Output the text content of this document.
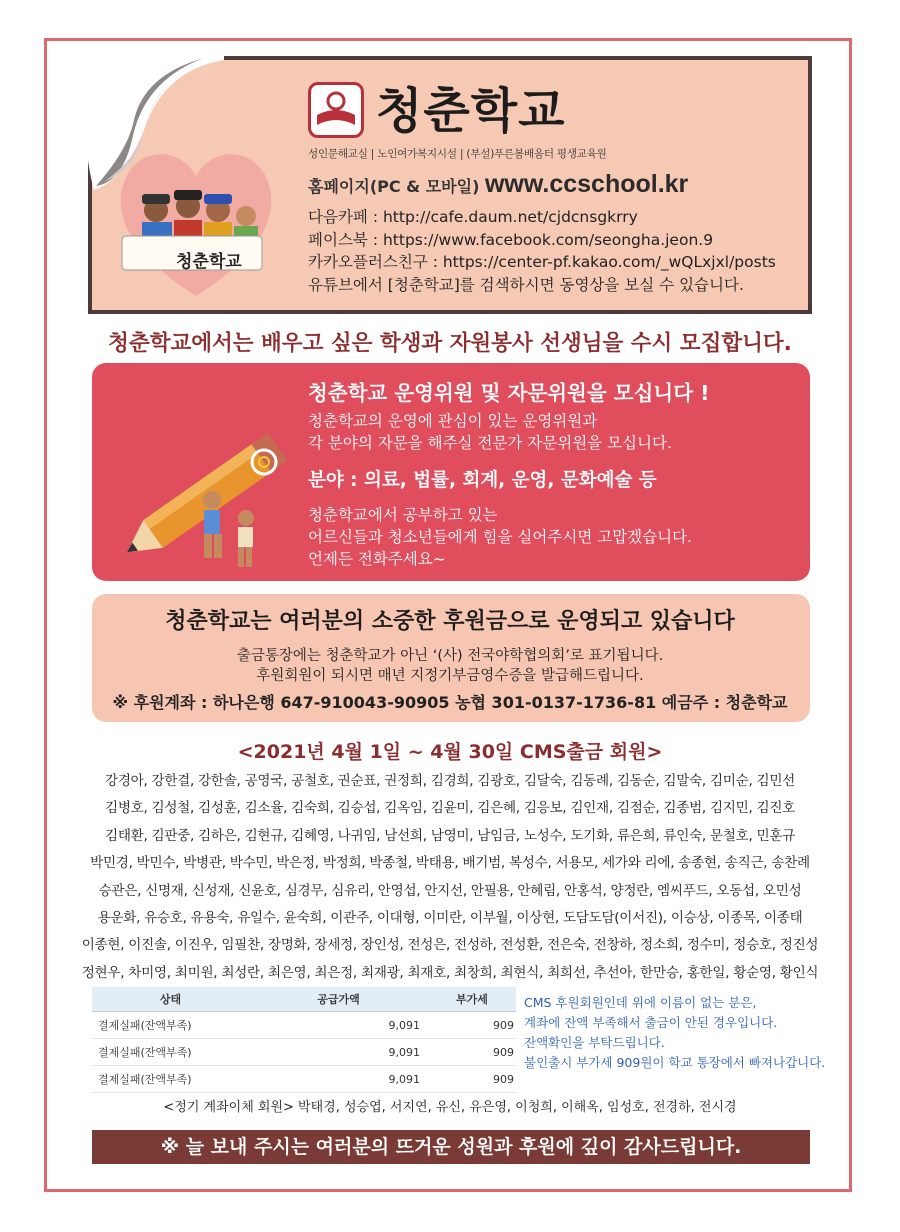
청춘학교
청춘학교
성인문해교실 | 노인여가복지시설 | (부설)푸른봄배움터 평생교육원
홈페이지(PC & 모바일) www.ccschool.kr
다음카페 : http://cafe.daum.net/cjdcnsgkrry
페이스북 : https://www.facebook.com/seongha.jeon.9
카카오플러스친구 : https://center-pf.kakao.com/_wQLxjxl/posts
유튜브에서 [청춘학교]를 검색하시면 동영상을 보실 수 있습니다.
청춘학교에서는 배우고 싶은 학생과 자원봉사 선생님을 수시 모집합니다.
청춘학교 운영위원 및 자문위원을 모십니다 !
청춘학교의 운영에 관심이 있는 운영위원과
각 분야의 자문을 해주실 전문가 자문위원을 모십니다.
분야 : 의료, 법률, 회계, 운영, 문화예술 등
청춘학교에서 공부하고 있는
어르신들과 청소년들에게 힘을 실어주시면 고맙겠습니다.
언제든 전화주세요~
청춘학교는 여러분의 소중한 후원금으로 운영되고 있습니다
출금통장에는 청춘학교가 아닌 ‘(사) 전국야학협의회’로 표기됩니다.
후원회원이 되시면 매년 지정기부금영수증을 발급해드립니다.
※ 후원계좌 : 하나은행 647-910043-90905 농협 301-0137-1736-81 예금주 : 청춘학교
<2021년 4월 1일 ~ 4월 30일 CMS출금 회원>
강경아, 강한결, 강한솔, 공영국, 공철호, 권순표, 권정희, 김경희, 김광호, 김달숙, 김동례, 김동순, 김말숙, 김미순, 김민선
김병호, 김성철, 김성훈, 김소율, 김숙희, 김승섭, 김옥임, 김윤미, 김은혜, 김응보, 김인재, 김점순, 김종범, 김지민, 김진호
김태환, 김판중, 김하은, 김현규, 김혜영, 나귀임, 남선희, 남영미, 남임금, 노성수, 도기화, 류은희, 류인숙, 문철호, 민훈규
박민경, 박민수, 박병관, 박수민, 박은정, 박정희, 박종철, 박태용, 배기범, 복성수, 서용모, 세가와 리에, 송종현, 송직근, 송찬례
승관은, 신명재, 신성재, 신윤호, 심경무, 심유리, 안영섭, 안지선, 안필용, 안혜림, 안홍석, 양정란, 엠씨푸드, 오동섭, 오민성
용운화, 유승호, 유용숙, 유일수, 윤숙희, 이관주, 이대형, 이미란, 이부월, 이상현, 도담도담(이서진), 이승상, 이종목, 이종태
이종현, 이진솔, 이진우, 임필찬, 장명화, 장세정, 장인성, 전성은, 전성하, 전성환, 전은숙, 전창하, 정소희, 정수미, 정승호, 정진성
정현우, 차미영, 최미원, 최성란, 최은영, 최은정, 최재광, 최재호, 최창희, 최현식, 최희선, 추선아, 한만승, 홍한일, 황순영, 황인식
상태	공급가액	부가세
결제실패(잔액부족)	9,091	909
결제실패(잔액부족)	9,091	909
결제실패(잔액부족)	9,091	909
CMS 후원회원인데 위에 이름이 없는 분은,
계좌에 잔액 부족해서 출금이 안된 경우입니다.
잔액확인을 부탁드립니다.
불인출시 부가세 909원이 학교 통장에서 빠져나갑니다.
<정기 계좌이체 회원> 박태경, 성승엽, 서지연, 유신, 유은영, 이청희, 이해옥, 임성호, 전경하, 전시경
※ 늘 보내 주시는 여러분의 뜨거운 성원과 후원에 깊이 감사드립니다.
